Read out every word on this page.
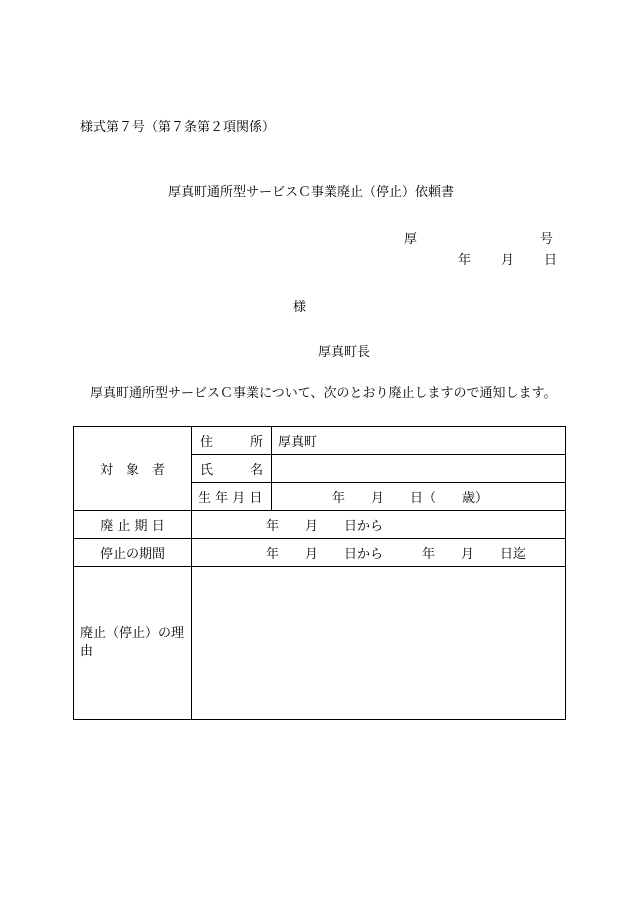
様式第７号（第７条第２項関係）
厚真町通所型サービスＣ事業廃止（停止）依頼書
厚	号
年 月 日
様
厚真町長
厚真町通所型サービスＣ事業について、次のとおり廃止しますので通知します。
対　象　者	住 所	厚真町

	氏 名	

	生 年 月 日	年　　月　　日（　　歳）
廃 止 期 日	年　　月　　日から	
停止の期間	年　　月　　日から　　　年　　月　　日迄	
廃止（停止）の理由		
